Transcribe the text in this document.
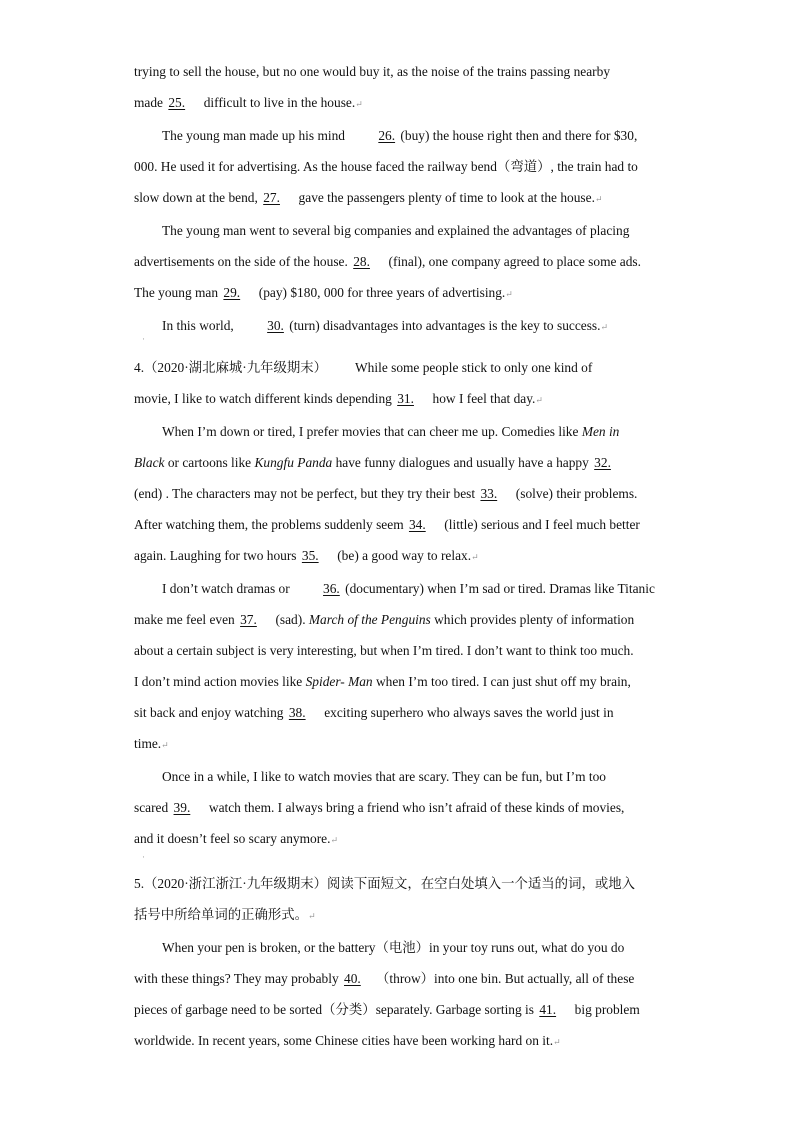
trying to sell the house, but no one would buy it, as the noise of the trains passing nearby

made 25. difficult to live in the house.↵

The young man made up his mind 26. (buy) the house right then and there for $30,

000. He used it for advertising. As the house faced the railway bend（弯道）, the train had to

slow down at the bend, 27. gave the passengers plenty of time to look at the house.↵

The young man went to several big companies and explained the advantages of placing

advertisements on the side of the house. 28. (final), one company agreed to place some ads.

The young man 29. (pay) $180, 000 for three years of advertising.↵

In this world, 30. (turn) disadvantages into advantages is the key to success.↵

·

4.（2020·湖北麻城·九年级期末） While some people stick to only one kind of

movie, I like to watch different kinds depending 31. how I feel that day.↵

When I’m down or tired, I prefer movies that can cheer me up. Comedies like Men in

Black or cartoons like Kungfu Panda have funny dialogues and usually have a happy 32.

(end) . The characters may not be perfect, but they try their best 33. (solve) their problems.

After watching them, the problems suddenly seem 34. (little) serious and I feel much better

again. Laughing for two hours 35. (be) a good way to relax.↵

I don’t watch dramas or 36. (documentary) when I’m sad or tired. Dramas like Titanic

make me feel even 37. (sad). March of the Penguins which provides plenty of information

about a certain subject is very interesting, but when I’m tired. I don’t want to think too much.

I don’t mind action movies like Spider- Man when I’m too tired. I can just shut off my brain,

sit back and enjoy watching 38. exciting superhero who always saves the world just in

time.↵

Once in a while, I like to watch movies that are scary. They can be fun, but I’m too

scared 39. watch them. I always bring a friend who isn’t afraid of these kinds of movies,

and it doesn’t feel so scary anymore.↵

·

5.（2020·浙江浙江·九年级期末）阅读下面短文，在空白处填入一个适当的词，或地入

括号中所给单词的正确形式。↵

When your pen is broken, or the battery（电池）in your toy runs out, what do you do

with these things? They may probably 40. （throw）into one bin. But actually, all of these

pieces of garbage need to be sorted（分类）separately. Garbage sorting is 41. big problem

worldwide. In recent years, some Chinese cities have been working hard on it.↵
